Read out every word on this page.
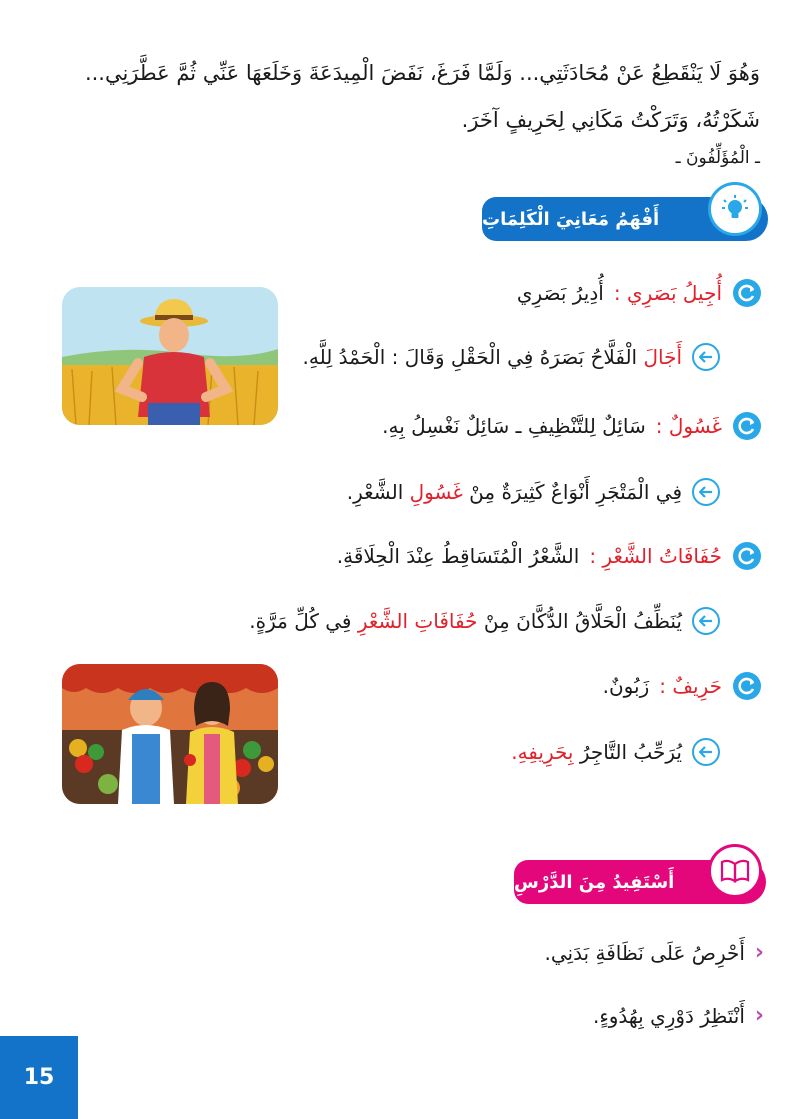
وَهُوَ لَا يَنْقَطِعُ عَنْ مُحَادَثَتِي... وَلَمَّا فَرَغَ، نَفَضَ الْمِيدَعَةَ وَخَلَعَهَا عَنِّي ثُمَّ عَطَّرَنِي...
شَكَرْتُهُ، وَتَرَكْتُ مَكَانِي لِحَرِيفٍ آخَرَ.
ـ الْمُؤَلِّفُونَ ـ
أَفْهَمُ مَعَانِيَ الْكَلِمَاتِ
أُجِيلُ بَصَرِي :
أُدِيرُ بَصَرِي
أَجَالَ الْفَلَّاحُ بَصَرَهُ فِي الْحَقْلِ وَقَالَ : الْحَمْدُ لِلَّهِ.
غَسُولٌ :
سَائِلٌ لِلتَّنْظِيفِ ـ سَائِلٌ نَغْسِلُ بِهِ.
فِي الْمَتْجَرِ أَنْوَاعٌ كَثِيرَةٌ مِنْ غَسُولِ الشَّعْرِ.
حُفَافَاتُ الشَّعْرِ :
الشَّعْرُ الْمُتَسَاقِطُ عِنْدَ الْحِلَاقَةِ.
يُنَظِّفُ الْحَلَّاقُ الدُّكَّانَ مِنْ حُفَافَاتِ الشَّعْرِ فِي كُلِّ مَرَّةٍ.
حَرِيفٌ :
زَبُونٌ.
يُرَحِّبُ التَّاجِرُ بِحَرِيفِهِ.
أَسْتَفِيدُ مِنَ الدَّرْسِ
‹
أَحْرِصُ عَلَى نَظَافَةِ بَدَنِي.
‹
أَنْتَظِرُ دَوْرِي بِهُدُوءٍ.
15
